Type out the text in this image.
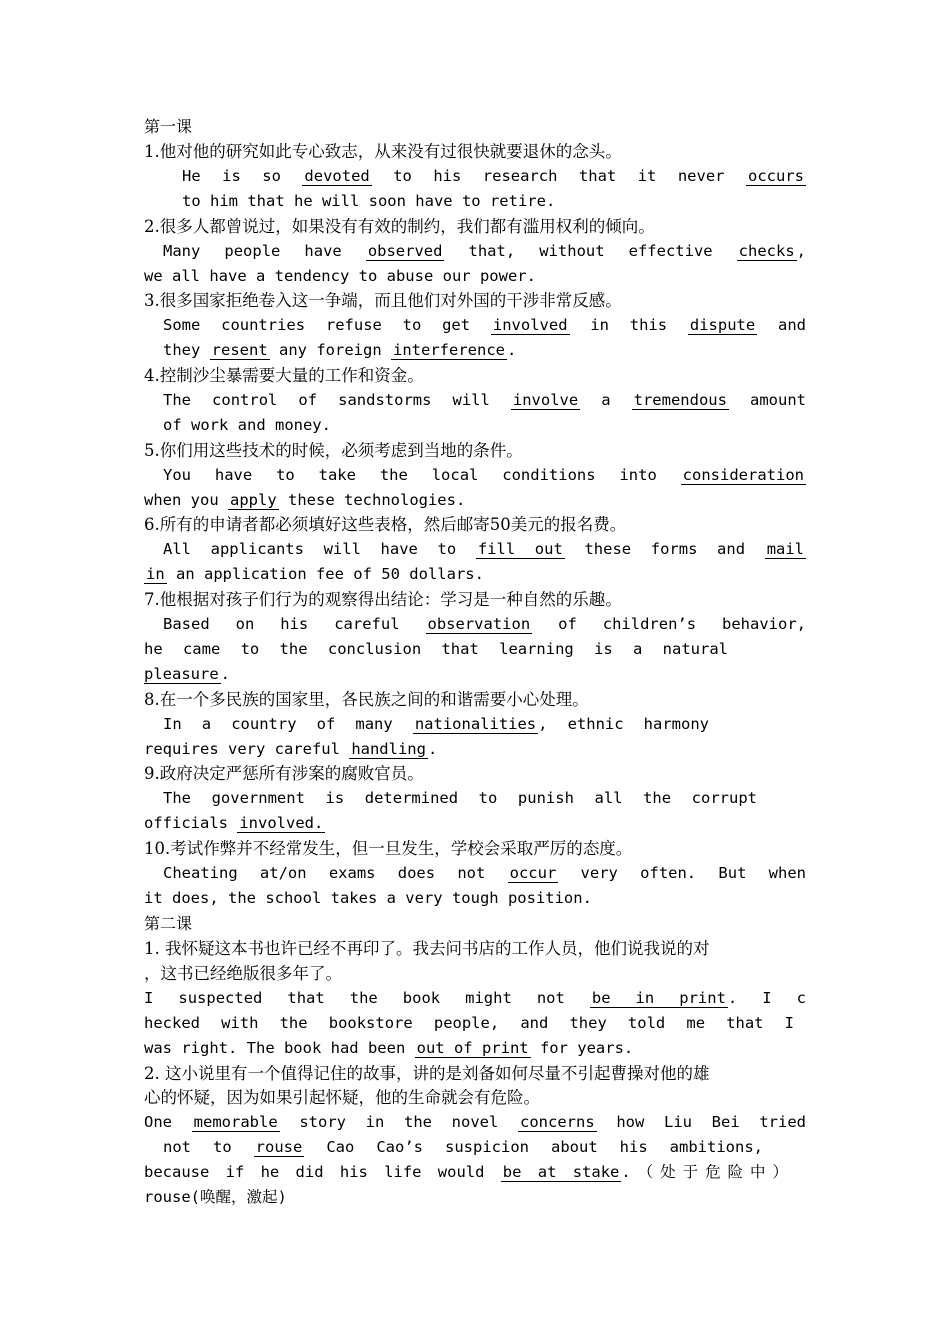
第一课
1.他对他的研究如此专心致志，从来没有过很快就要退休的念头。
He is so devoted to his research that it never occurs
to him that he will soon have to retire.
2.很多人都曾说过，如果没有有效的制约，我们都有滥用权利的倾向。
Many people have observed that, without effective checks ,
we all have a tendency to abuse our power.
3.很多国家拒绝卷入这一争端，而且他们对外国的干涉非常反感。
Some countries refuse to get involved in this dispute and
they resent any foreign interference .
4.控制沙尘暴需要大量的工作和资金。
The control of sandstorms will involve a tremendous amount
of work and money.
5.你们用这些技术的时候，必须考虑到当地的条件。
You have to take the local conditions into consideration
when you apply these technologies.
6.所有的申请者都必须填好这些表格，然后邮寄50美元的报名费。
All applicants will have to fill out these forms and mail
in an application fee of 50 dollars.
7.他根据对孩子们行为的观察得出结论：学习是一种自然的乐趣。
Based on his careful observation of children’s behavior,
he came to the conclusion that learning is a natural
pleasure .
8.在一个多民族的国家里，各民族之间的和谐需要小心处理。
In a country of many nationalities , ethnic harmony
requires very careful handling .
9.政府决定严惩所有涉案的腐败官员。
The government is determined to punish all the corrupt
officials involved.
10.考试作弊并不经常发生，但一旦发生，学校会采取严厉的态度。
Cheating at/on exams does not occur very often. But when
it does, the school takes a very tough position.
第二课
1. 我怀疑这本书也许已经不再印了。我去问书店的工作人员，他们说我说的对
，这书已经绝版很多年了。
I suspected that the book might not be in print . I c
hecked with the bookstore people, and they told me that I
was right. The book had been out of print for years.
2. 这小说里有一个值得记住的故事，讲的是刘备如何尽量不引起曹操对他的雄
心的怀疑，因为如果引起怀疑，他的生命就会有危险。
One memorable story in the novel concerns how Liu Bei tried
not to rouse Cao Cao’s suspicion about his ambitions,
because if he did his life would be at stake .（处于危险中）
rouse(唤醒，激起)
